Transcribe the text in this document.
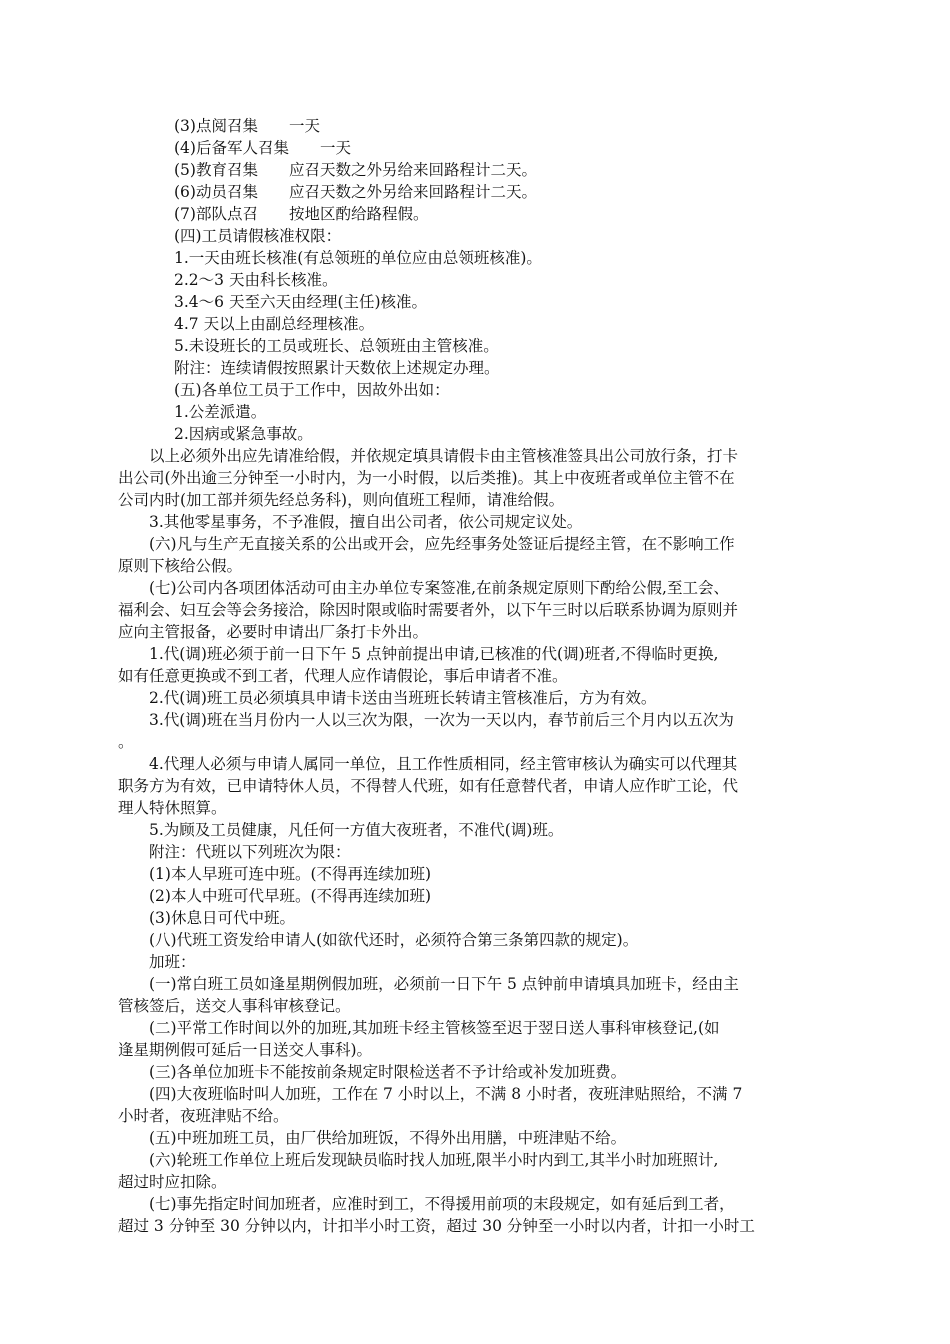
(3)点阅召集　　一天

(4)后备军人召集　　一天

(5)教育召集　　应召天数之外另给来回路程计二天。

(6)动员召集　　应召天数之外另给来回路程计二天。

(7)部队点召　　按地区酌给路程假。

(四)工员请假核准权限：

1.一天由班长核准(有总领班的单位应由总领班核准)。

2.2～3 天由科长核准。

3.4～6 天至六天由经理(主任)核准。

4.7 天以上由副总经理核准。

5.未设班长的工员或班长、总领班由主管核准。

附注：连续请假按照累计天数依上述规定办理。

(五)各单位工员于工作中，因故外出如：

1.公差派遣。

2.因病或紧急事故。

以上必须外出应先请准给假，并依规定填具请假卡由主管核准签具出公司放行条，打卡

出公司(外出逾三分钟至一小时内，为一小时假，以后类推)。其上中夜班者或单位主管不在

公司内时(加工部并须先经总务科)，则向值班工程师，请准给假。

3.其他零星事务，不予准假，擅自出公司者，依公司规定议处。

(六)凡与生产无直接关系的公出或开会，应先经事务处签证后提经主管，在不影响工作

原则下核给公假。

(七)公司内各项团体活动可由主办单位专案签准,在前条规定原则下酌给公假,至工会、

福利会、妇互会等会务接洽，除因时限或临时需要者外，以下午三时以后联系协调为原则并

应向主管报备，必要时申请出厂条打卡外出。

1.代(调)班必须于前一日下午 5 点钟前提出申请,已核准的代(调)班者,不得临时更换,

如有任意更换或不到工者，代理人应作请假论，事后申请者不准。

2.代(调)班工员必须填具申请卡送由当班班长转请主管核准后，方为有效。

3.代(调)班在当月份内一人以三次为限，一次为一天以内，春节前后三个月内以五次为

。

4.代理人必须与申请人属同一单位，且工作性质相同，经主管审核认为确实可以代理其

职务方为有效，已申请特休人员，不得替人代班，如有任意替代者，申请人应作旷工论，代

理人特休照算。

5.为顾及工员健康，凡任何一方值大夜班者，不准代(调)班。

附注：代班以下列班次为限：

(1)本人早班可连中班。(不得再连续加班)

(2)本人中班可代早班。(不得再连续加班)

(3)休息日可代中班。

(八)代班工资发给申请人(如欲代还时，必须符合第三条第四款的规定)。

加班：

(一)常白班工员如逢星期例假加班，必须前一日下午 5 点钟前申请填具加班卡，经由主

管核签后，送交人事科审核登记。

(二)平常工作时间以外的加班,其加班卡经主管核签至迟于翌日送人事科审核登记,(如

逢星期例假可延后一日送交人事科)。

(三)各单位加班卡不能按前条规定时限检送者不予计给或补发加班费。

(四)大夜班临时叫人加班，工作在 7 小时以上，不满 8 小时者，夜班津贴照给，不满 7

小时者，夜班津贴不给。

(五)中班加班工员，由厂供给加班饭，不得外出用膳，中班津贴不给。

(六)轮班工作单位上班后发现缺员临时找人加班,限半小时内到工,其半小时加班照计,

超过时应扣除。

(七)事先指定时间加班者，应准时到工，不得援用前项的末段规定，如有延后到工者，

超过 3 分钟至 30 分钟以内，计扣半小时工资，超过 30 分钟至一小时以内者，计扣一小时工
